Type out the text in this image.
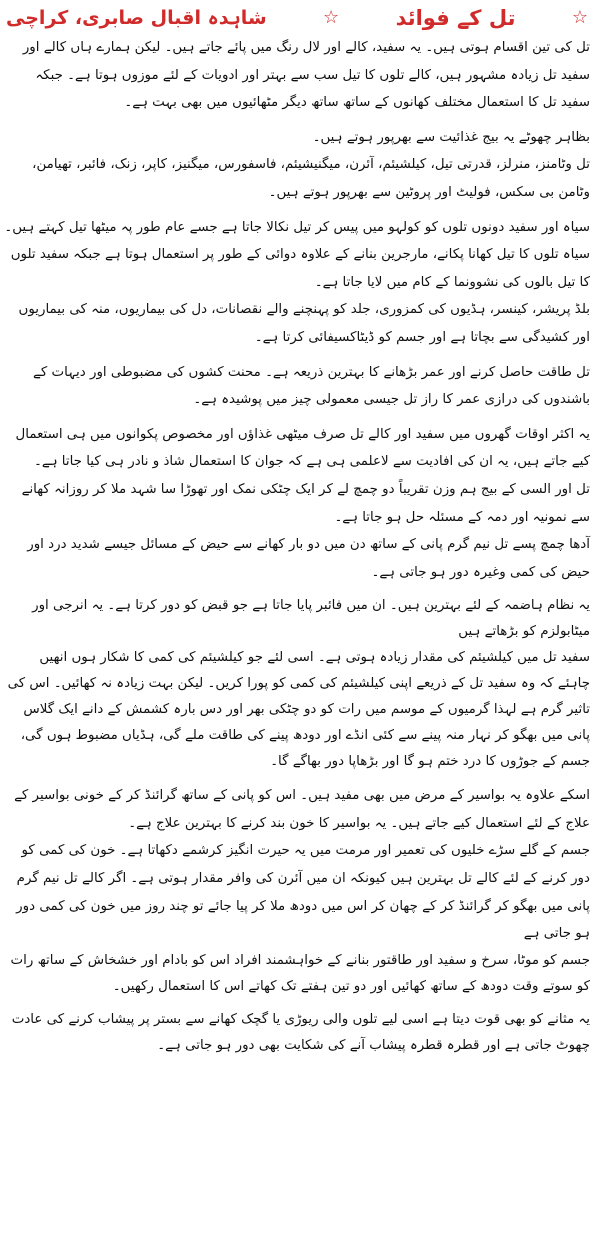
☆
تل کے فوائد
☆
شاہدہ اقبال صابری، کراچی

تل کی تین اقسام ہوتی ہیں۔ یہ سفید، کالے اور لال رنگ میں پائے جاتے ہیں۔ لیکن ہمارے ہاں کالے اور سفید تل زیادہ مشہور ہیں، کالے تلوں کا تیل سب سے بہتر اور ادویات کے لئے موزوں ہوتا ہے۔ جبکہ سفید تل کا استعمال مختلف کھانوں کے ساتھ ساتھ دیگر مٹھائیوں میں بھی بہت ہے۔

بظاہر چھوٹے یہ بیج غذائیت سے بھرپور ہوتے ہیں۔

تل وٹامنز، منرلز، قدرتی تیل، کیلشیئم، آئرن، میگنیشیئم، فاسفورس، میگنیز، کاپر، زنک، فائبر، تھیامن، وٹامن بی سکس، فولیٹ اور پروٹین سے بھرپور ہوتے ہیں۔

سیاہ اور سفید دونوں تلوں کو کولہو میں پیس کر تیل نکالا جاتا ہے جسے عام طور پہ میٹھا تیل کہتے ہیں۔ سیاہ تلوں کا تیل کھانا پکانے، مارجرین بنانے کے علاوہ دوائی کے طور پر استعمال ہوتا ہے جبکہ سفید تلوں کا تیل بالوں کی نشوونما کے کام میں لایا جاتا ہے۔

بلڈ پریشر، کینسر، ہڈیوں کی کمزوری، جلد کو پہنچنے والے نقصانات، دل کی بیماریوں، منہ کی بیماریوں اور کشیدگی سے بچاتا ہے اور جسم کو ڈیٹاکسیفائی کرتا ہے۔

تل طاقت حاصل کرنے اور عمر بڑھانے کا بہترین ذریعہ ہے۔ محنت کشوں کی مضبوطی اور دیہات کے باشندوں کی درازی عمر کا راز تل جیسی معمولی چیز میں پوشیدہ ہے۔

یہ اکثر اوقات گھروں میں سفید اور کالے تل صرف میٹھی غذاؤں اور مخصوص پکوانوں میں ہی استعمال کیے جاتے ہیں، یہ ان کی افادیت سے لاعلمی ہی ہے کہ جوان کا استعمال شاذ و نادر ہی کیا جاتا ہے۔

تل اور السی کے بیج ہم وزن تقریباً دو چمچ لے کر ایک چٹکی نمک اور تھوڑا سا شہد ملا کر روزانہ کھانے سے نمونیہ اور دمہ کے مسئلہ حل ہو جاتا ہے۔

آدھا چمچ پسے تل نیم گرم پانی کے ساتھ دن میں دو بار کھانے سے حیض کے مسائل جیسے شدید درد اور حیض کی کمی وغیرہ دور ہو جاتی ہے۔

یہ نظام ہاضمہ کے لئے بہترین ہیں۔ ان میں فائبر پایا جاتا ہے جو قبض کو دور کرتا ہے۔ یہ انرجی اور میٹابولزم کو بڑھاتے ہیں

سفید تل میں کیلشیئم کی مقدار زیادہ ہوتی ہے۔ اسی لئے جو کیلشیئم کی کمی کا شکار ہوں انھیں چاہئے کہ وہ سفید تل کے ذریعے اپنی کیلشیئم کی کمی کو پورا کریں۔ لیکن بہت زیادہ نہ کھائیں۔ اس کی تاثیر گرم ہے لہذا گرمیوں کے موسم میں رات کو دو چٹکی بھر اور دس بارہ کشمش کے دانے ایک گلاس پانی میں بھگو کر نہار منہ پینے سے کئی انڈے اور دودھ پینے کی طاقت ملے گی، ہڈیاں مضبوط ہوں گی، جسم کے جوڑوں کا درد ختم ہو گا اور بڑھاپا دور بھاگے گا۔

اسکے علاوہ یہ بواسیر کے مرض میں بھی مفید ہیں۔ اس کو پانی کے ساتھ گرائنڈ کر کے خونی بواسیر کے علاج کے لئے استعمال کیے جاتے ہیں۔ یہ بواسیر کا خون بند کرنے کا بہترین علاج ہے۔

جسم کے گلے سڑے خلیوں کی تعمیر اور مرمت میں یہ حیرت انگیز کرشمے دکھاتا ہے۔ خون کی کمی کو دور کرنے کے لئے کالے تل بہترین ہیں کیونکہ ان میں آئرن کی وافر مقدار ہوتی ہے۔ اگر کالے تل نیم گرم پانی میں بھگو کر گرائنڈ کر کے چھان کر اس میں دودھ ملا کر پیا جائے تو چند روز میں خون کی کمی دور ہو جاتی ہے

جسم کو موٹا، سرخ و سفید اور طاقتور بنانے کے خواہشمند افراد اس کو بادام اور خشخاش کے ساتھ رات کو سوتے وقت دودھ کے ساتھ کھائیں اور دو تین ہفتے تک کھاتے اس کا استعمال رکھیں۔

یہ مثانے کو بھی قوت دیتا ہے اسی لیے تلوں والی ریوڑی یا گچک کھانے سے بستر پر پیشاب کرنے کی عادت چھوٹ جاتی ہے اور قطرہ قطرہ پیشاب آنے کی شکایت بھی دور ہو جاتی ہے۔
